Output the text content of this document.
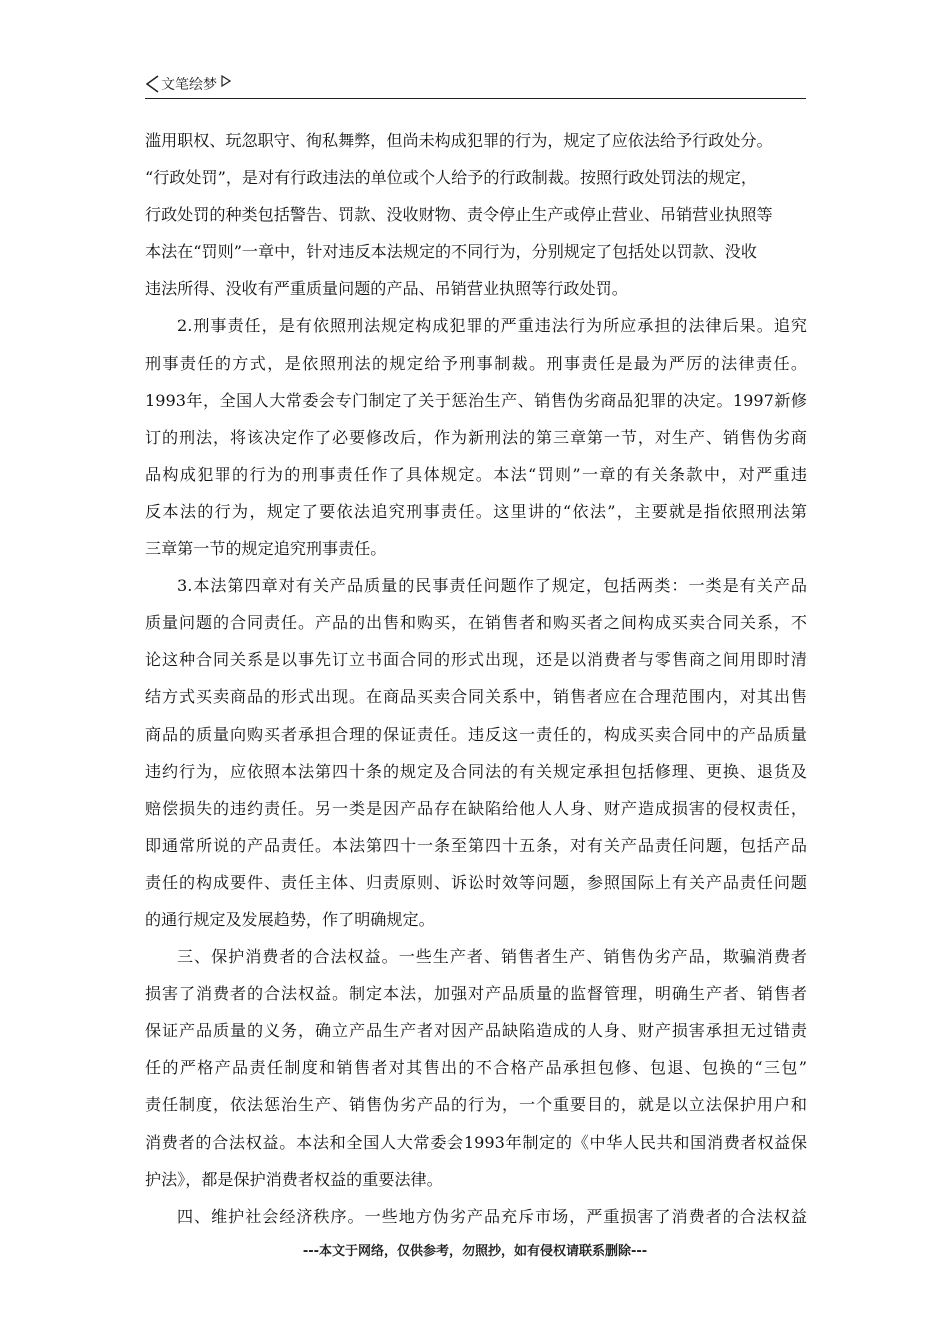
文笔绘梦
滥用职权、玩忽职守、徇私舞弊，但尚未构成犯罪的行为，规定了应依法给予行政处分。
“行政处罚”，是对有行政违法的单位或个人给予的行政制裁。按照行政处罚法的规定，
行政处罚的种类包括警告、罚款、没收财物、责令停止生产或停止营业、吊销营业执照等
本法在“罚则”一章中，针对违反本法规定的不同行为，分别规定了包括处以罚款、没收
违法所得、没收有严重质量问题的产品、吊销营业执照等行政处罚。
2.刑事责任，是有依照刑法规定构成犯罪的严重违法行为所应承担的法律后果。追究
刑事责任的方式，是依照刑法的规定给予刑事制裁。刑事责任是最为严厉的法律责任。
1993年，全国人大常委会专门制定了关于惩治生产、销售伪劣商品犯罪的决定。1997新修
订的刑法，将该决定作了必要修改后，作为新刑法的第三章第一节，对生产、销售伪劣商
品构成犯罪的行为的刑事责任作了具体规定。本法“罚则”一章的有关条款中，对严重违
反本法的行为，规定了要依法追究刑事责任。这里讲的“依法”，主要就是指依照刑法第
三章第一节的规定追究刑事责任。
3.本法第四章对有关产品质量的民事责任问题作了规定，包括两类：一类是有关产品
质量问题的合同责任。产品的出售和购买，在销售者和购买者之间构成买卖合同关系，不
论这种合同关系是以事先订立书面合同的形式出现，还是以消费者与零售商之间用即时清
结方式买卖商品的形式出现。在商品买卖合同关系中，销售者应在合理范围内，对其出售
商品的质量向购买者承担合理的保证责任。违反这一责任的，构成买卖合同中的产品质量
违约行为，应依照本法第四十条的规定及合同法的有关规定承担包括修理、更换、退货及
赔偿损失的违约责任。另一类是因产品存在缺陷给他人人身、财产造成损害的侵权责任，
即通常所说的产品责任。本法第四十一条至第四十五条，对有关产品责任问题，包括产品
责任的构成要件、责任主体、归责原则、诉讼时效等问题，参照国际上有关产品责任问题
的通行规定及发展趋势，作了明确规定。
三、保护消费者的合法权益。一些生产者、销售者生产、销售伪劣产品，欺骗消费者
损害了消费者的合法权益。制定本法，加强对产品质量的监督管理，明确生产者、销售者
保证产品质量的义务，确立产品生产者对因产品缺陷造成的人身、财产损害承担无过错责
任的严格产品责任制度和销售者对其售出的不合格产品承担包修、包退、包换的“三包”
责任制度，依法惩治生产、销售伪劣产品的行为，一个重要目的，就是以立法保护用户和
消费者的合法权益。本法和全国人大常委会1993年制定的《中华人民共和国消费者权益保
护法》，都是保护消费者权益的重要法律。
四、维护社会经济秩序。一些地方伪劣产品充斥市场，严重损害了消费者的合法权益
---本文于网络，仅供参考，勿照抄，如有侵权请联系删除---
